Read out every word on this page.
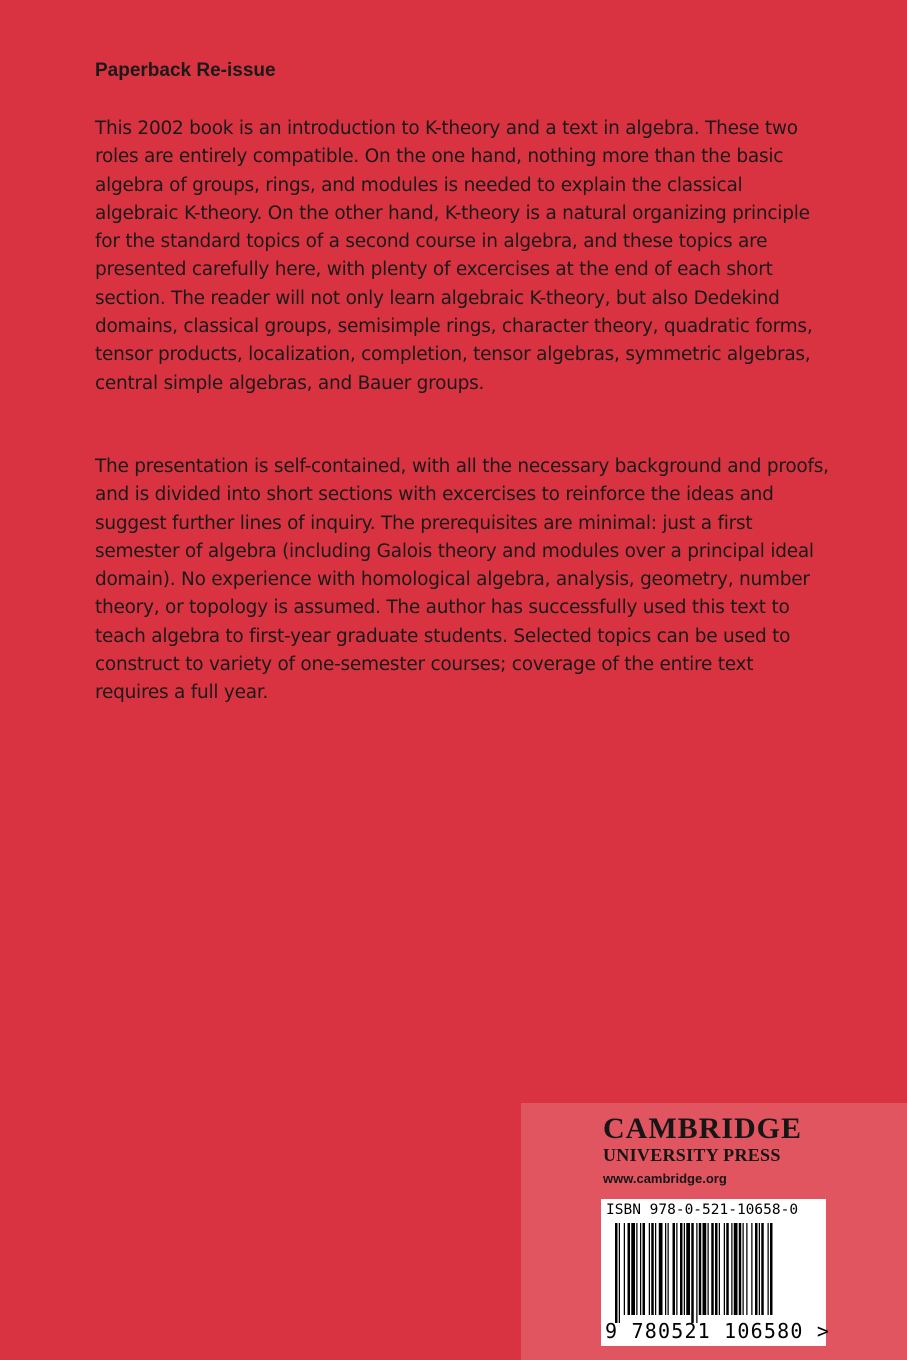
Paperback Re-issue

This 2002 book is an introduction to K-theory and a text in algebra. These two roles are entirely compatible. On the one hand, nothing more than the basic algebra of groups, rings, and modules is needed to explain the classical algebraic K-theory. On the other hand, K-theory is a natural organizing principle for the standard topics of a second course in algebra, and these topics are presented carefully here, with plenty of excercises at the end of each short section. The reader will not only learn algebraic K-theory, but also Dedekind domains, classical groups, semisimple rings, character theory, quadratic forms, tensor products, localization, completion, tensor algebras, symmetric algebras, central simple algebras, and Bauer groups.

The presentation is self-contained, with all the necessary background and proofs, and is divided into short sections with excercises to reinforce the ideas and suggest further lines of inquiry. The prerequisites are minimal: just a first semester of algebra (including Galois theory and modules over a principal ideal domain). No experience with homological algebra, analysis, geometry, number theory, or topology is assumed. The author has successfully used this text to teach algebra to first-year graduate students. Selected topics can be used to construct to variety of one-semester courses; coverage of the entire text requires a full year.

CAMBRIDGE
UNIVERSITY PRESS
www.cambridge.org
ISBN 978-0-521-10658-0
9 780521 106580 >
